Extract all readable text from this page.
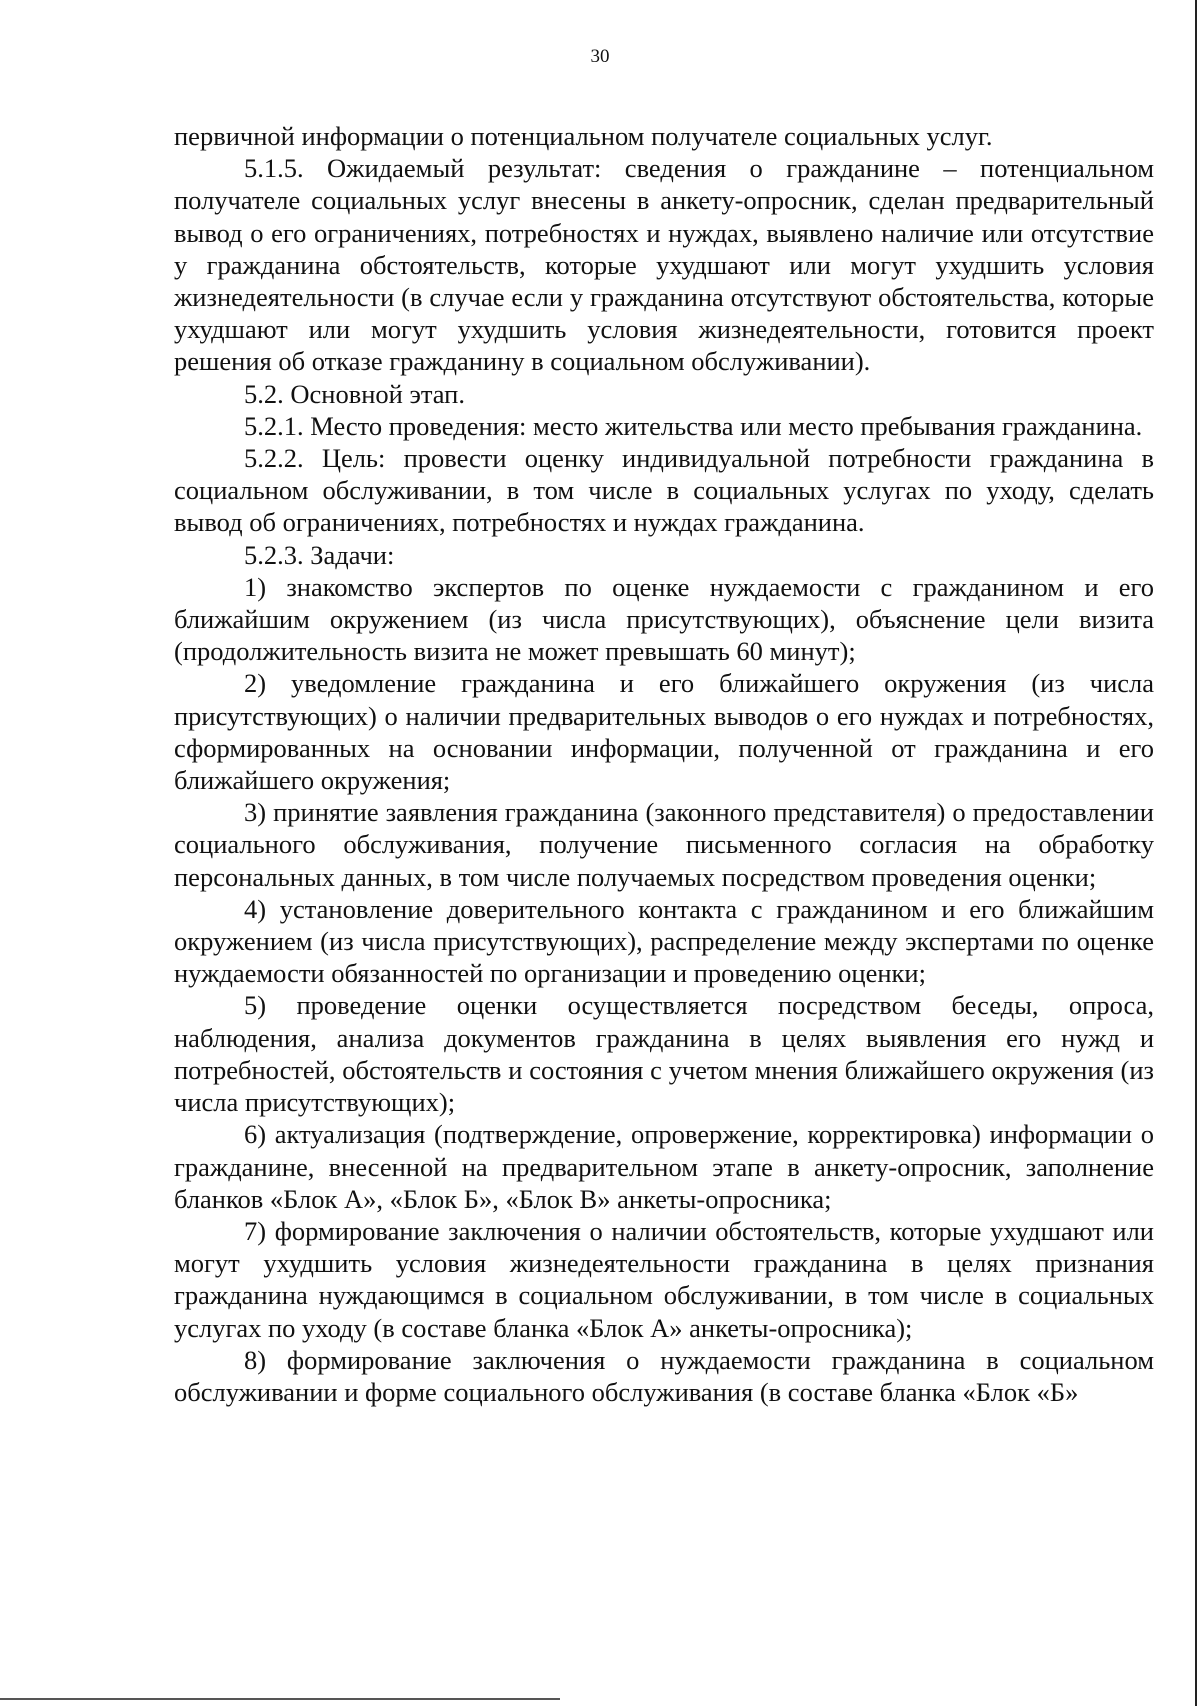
30

первичной информации о потенциальном получателе социальных услуг.

5.1.5. Ожидаемый результат: сведения о гражданине – потенциальном получателе социальных услуг внесены в анкету-опросник, сделан предварительный вывод о его ограничениях, потребностях и нуждах, выявлено наличие или отсутствие у гражданина обстоятельств, которые ухудшают или могут ухудшить условия жизнедеятельности (в случае если у гражданина отсутствуют обстоятельства, которые ухудшают или могут ухудшить условия жизнедеятельности, готовится проект решения об отказе гражданину в социальном обслуживании).

5.2. Основной этап.

5.2.1. Место проведения: место жительства или место пребывания гражданина.

5.2.2. Цель: провести оценку индивидуальной потребности гражданина в социальном обслуживании, в том числе в социальных услугах по уходу, сделать вывод об ограничениях, потребностях и нуждах гражданина.

5.2.3. Задачи:

1) знакомство экспертов по оценке нуждаемости с гражданином и его ближайшим окружением (из числа присутствующих), объяснение цели визита (продолжительность визита не может превышать 60 минут);

2) уведомление гражданина и его ближайшего окружения (из числа присутствующих) о наличии предварительных выводов о его нуждах и потребностях, сформированных на основании информации, полученной от гражданина и его ближайшего окружения;

3) принятие заявления гражданина (законного представителя) о предоставлении социального обслуживания, получение письменного согласия на обработку персональных данных, в том числе получаемых посредством проведения оценки;

4) установление доверительного контакта с гражданином и его ближайшим окружением (из числа присутствующих), распределение между экспертами по оценке нуждаемости обязанностей по организации и проведению оценки;

5) проведение оценки осуществляется посредством беседы, опроса, наблюдения, анализа документов гражданина в целях выявления его нужд и потребностей, обстоятельств и состояния с учетом мнения ближайшего окружения (из числа присутствующих);

6) актуализация (подтверждение, опровержение, корректировка) информации о гражданине, внесенной на предварительном этапе в анкету-опросник, заполнение бланков «Блок А», «Блок Б», «Блок В» анкеты-опросника;

7) формирование заключения о наличии обстоятельств, которые ухудшают или могут ухудшить условия жизнедеятельности гражданина в целях признания гражданина нуждающимся в социальном обслуживании, в том числе в социальных услугах по уходу (в составе бланка «Блок А» анкеты-опросника);

8) формирование заключения о нуждаемости гражданина в социальном обслуживании и форме социального обслуживания (в составе бланка «Блок «Б»
